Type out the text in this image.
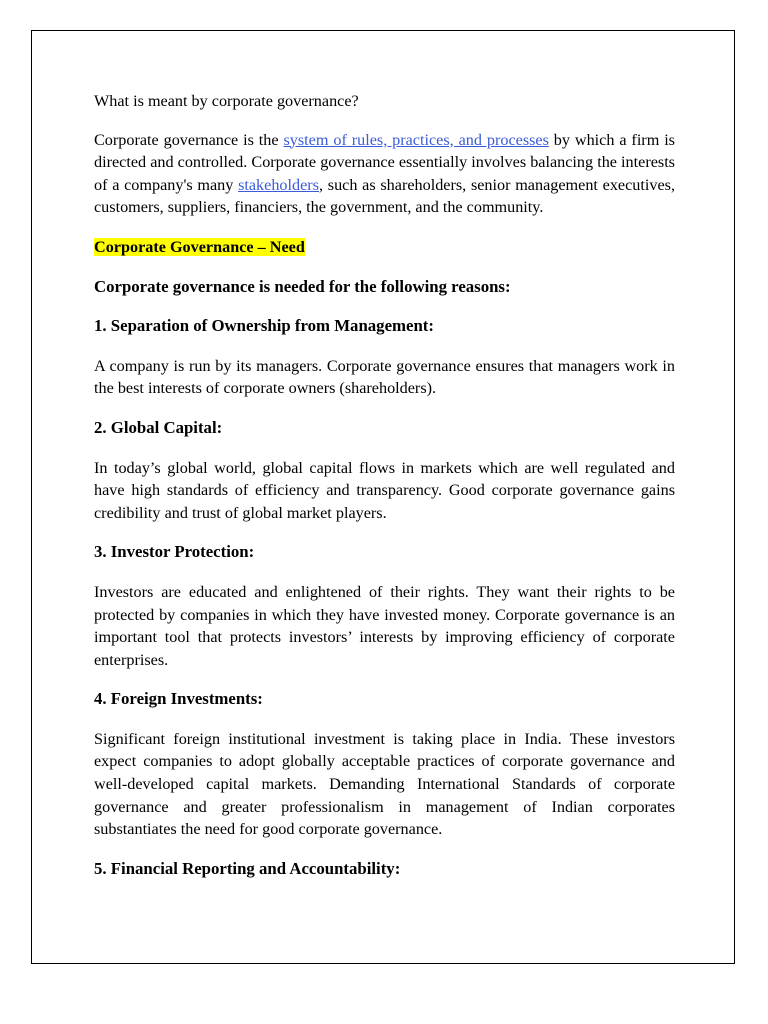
What is meant by corporate governance?

Corporate governance is the system of rules, practices, and processes by which a firm is directed and controlled. Corporate governance essentially involves balancing the interests of a company's many stakeholders, such as shareholders, senior management executives, customers, suppliers, financiers, the government, and the community.

Corporate Governance – Need

Corporate governance is needed for the following reasons:

1. Separation of Ownership from Management:

A company is run by its managers. Corporate governance ensures that managers work in the best interests of corporate owners (shareholders).

2. Global Capital:

In today’s global world, global capital flows in markets which are well regulated and have high standards of efficiency and transparency. Good corporate governance gains credibility and trust of global market players.

3. Investor Protection:

Investors are educated and enlightened of their rights. They want their rights to be protected by companies in which they have invested money. Corporate governance is an important tool that protects investors’ interests by improving efficiency of corporate enterprises.

4. Foreign Investments:

Significant foreign institutional investment is taking place in India. These investors expect companies to adopt globally acceptable practices of corporate governance and well-developed capital markets. Demanding International Standards of corporate governance and greater professionalism in management of Indian corporates substantiates the need for good corporate governance.

5. Financial Reporting and Accountability:
